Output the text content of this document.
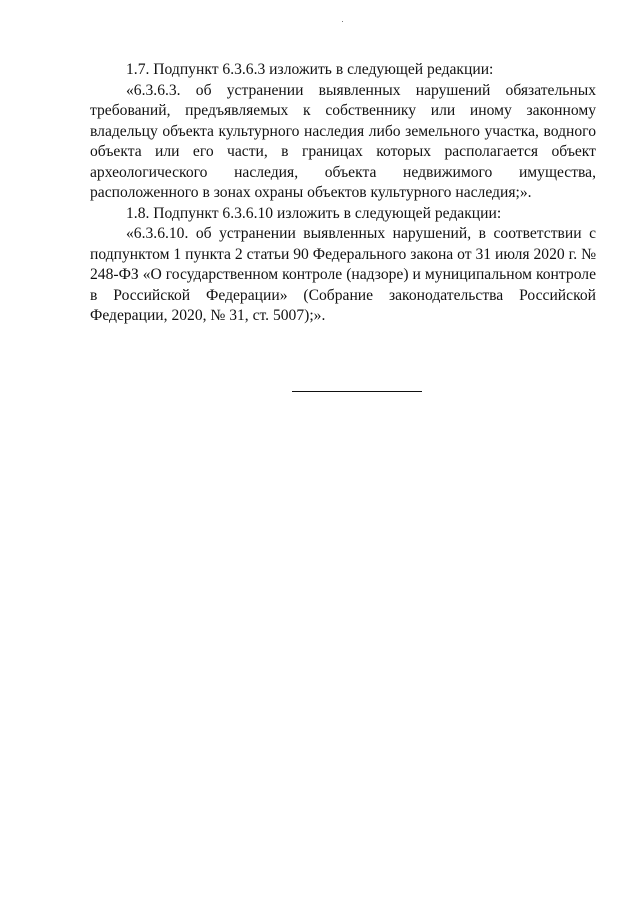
1.7. Подпункт 6.3.6.3 изложить в следующей редакции:

«6.3.6.3. об устранении выявленных нарушений обязательных требований, предъявляемых к собственнику или иному законному владельцу объекта культурного наследия либо земельного участка, водного объекта или его части, в границах которых располагается объект археологического наследия, объекта недвижимого имущества, расположенного в зонах охраны объектов культурного наследия;».

1.8. Подпункт 6.3.6.10 изложить в следующей редакции:

«6.3.6.10. об устранении выявленных нарушений, в соответствии с подпунктом 1 пункта 2 статьи 90 Федерального закона от 31 июля 2020 г. № 248-ФЗ «О государственном контроле (надзоре) и муниципальном контроле в Российской Федерации» (Собрание законодательства Российской Федерации, 2020, № 31, ст. 5007);».
